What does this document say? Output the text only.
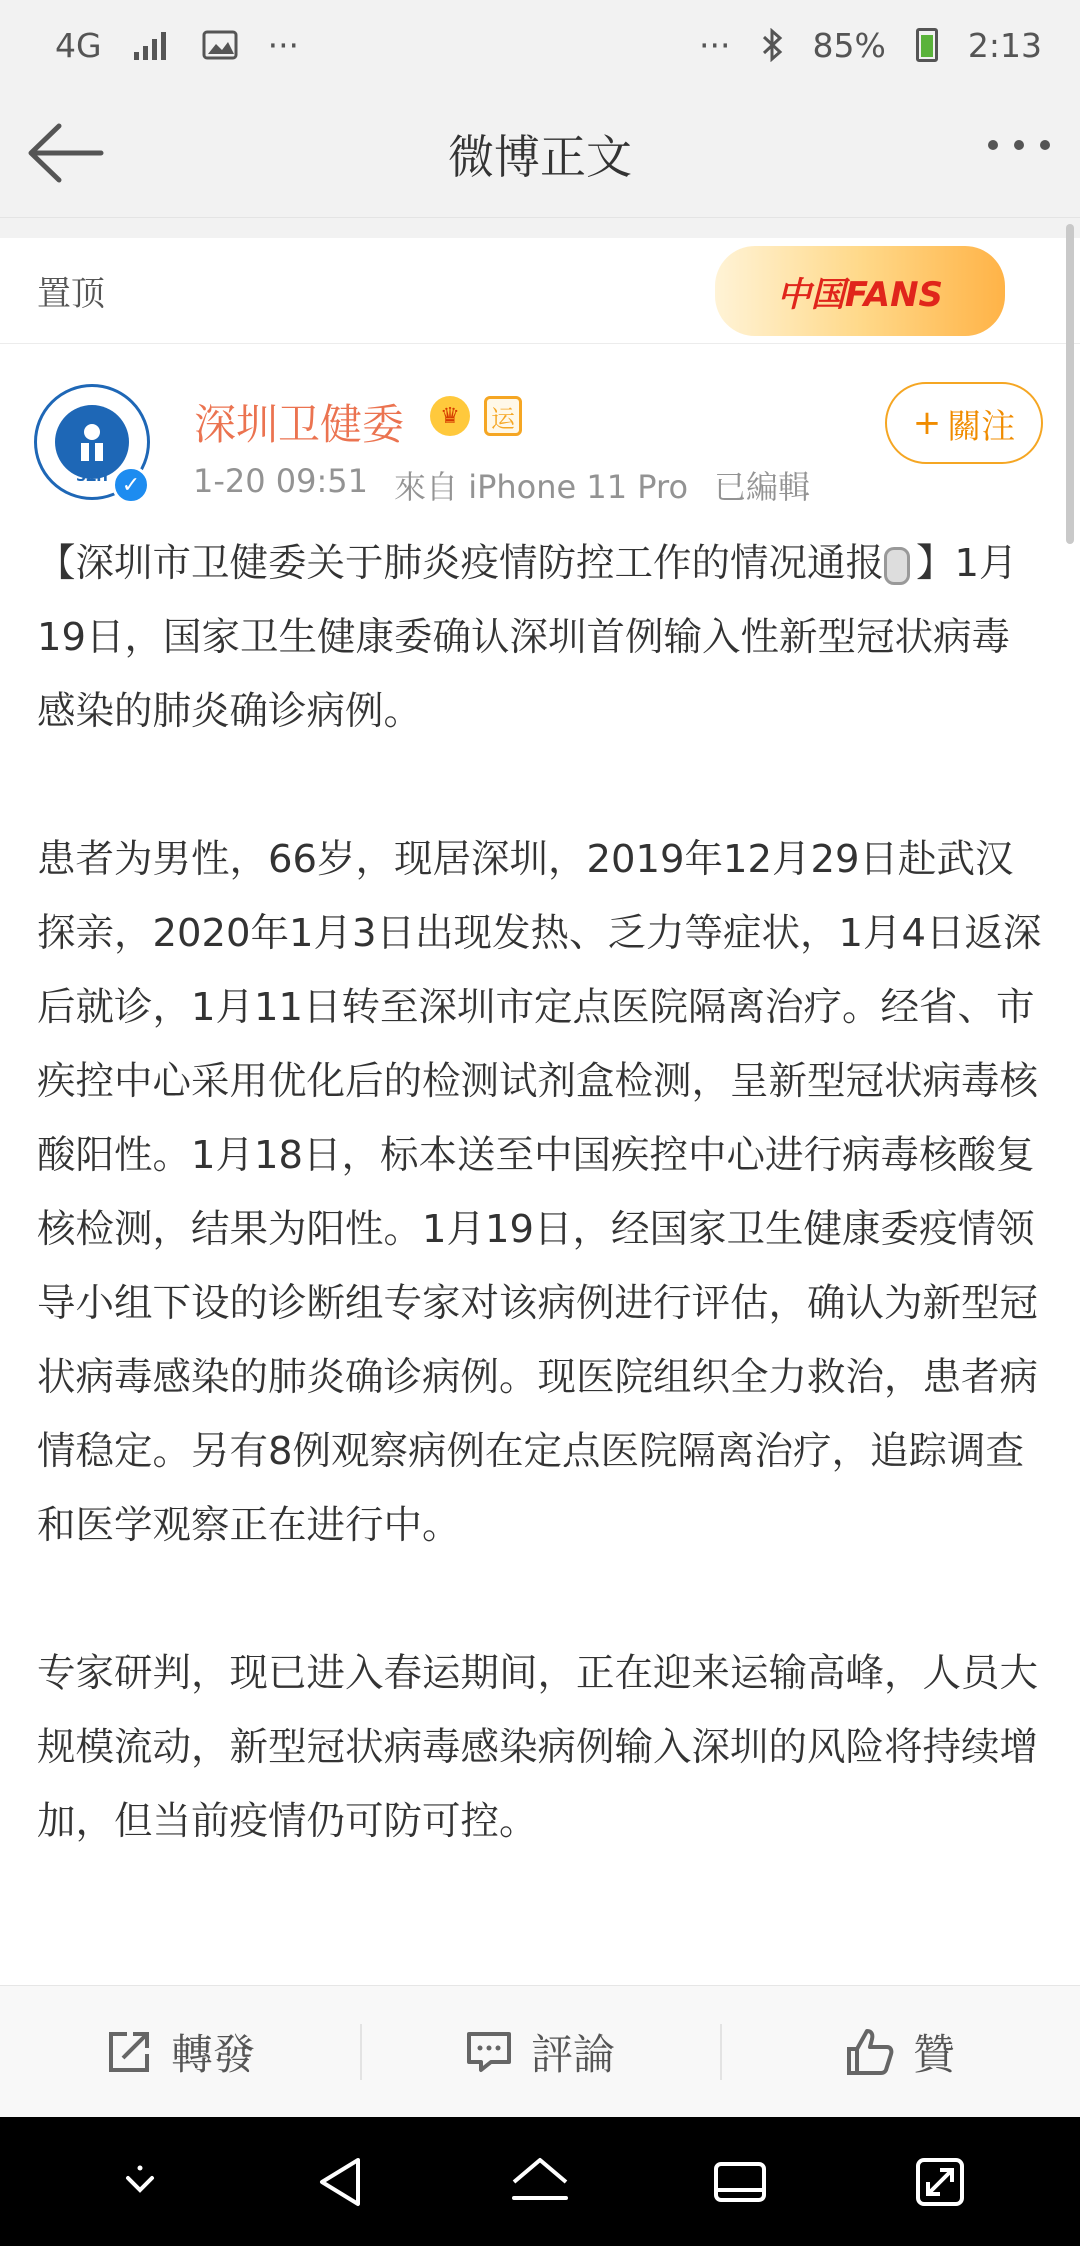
4G	···	··· 85% 2:13
微博正文
置顶	中国FANS
SZH ✓
深圳卫健委	♛	运
1-20 09:51 來自 iPhone 11 Pro 已編輯
+ 關注

【深圳市卫健委关于肺炎疫情防控工作的情况通报 】1月19日，国家卫生健康委确认深圳首例输入性新型冠状病毒感染的肺炎确诊病例。

患者为男性，66岁，现居深圳，2019年12月29日赴武汉探亲，2020年1月3日出现发热、乏力等症状，1月4日返深后就诊，1月11日转至深圳市定点医院隔离治疗。经省、市疾控中心采用优化后的检测试剂盒检测，呈新型冠状病毒核酸阳性。1月18日，标本送至中国疾控中心进行病毒核酸复核检测，结果为阳性。1月19日，经国家卫生健康委疫情领导小组下设的诊断组专家对该病例进行评估，确认为新型冠状病毒感染的肺炎确诊病例。现医院组织全力救治，患者病情稳定。另有8例观察病例在定点医院隔离治疗，追踪调查和医学观察正在进行中。

专家研判，现已进入春运期间，正在迎来运输高峰，人员大规模流动，新型冠状病毒感染病例输入深圳的风险将持续增加，但当前疫情仍可防可控。

轉發	評論	贊
